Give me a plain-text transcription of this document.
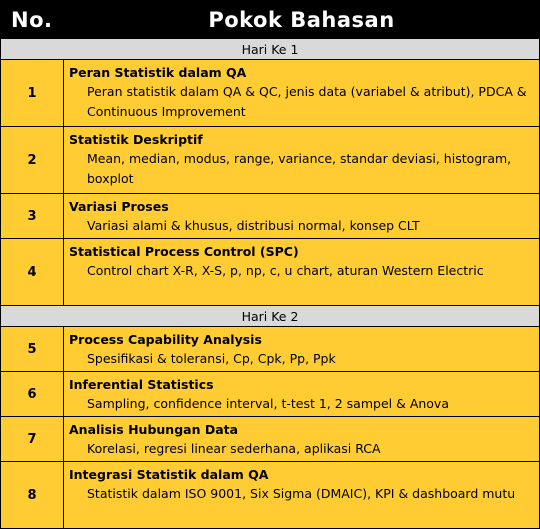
No.	Pokok Bahasan
Hari Ke 1	
1	Peran Statistik dalam QA
Peran statistik dalam QA & QC, jenis data (variabel & atribut), PDCA & Continuous Improvement

2	Statistik Deskriptif
Mean, median, modus, range, variance, standar deviasi, histogram, boxplot

3	Variasi Proses
Variasi alami & khusus, distribusi normal, konsep CLT

4	Statistical Process Control (SPC)
Control chart X-R, X-S, p, np, c, u chart, aturan Western Electric

Hari Ke 2	
5	Process Capability Analysis
Spesifikasi & toleransi, Cp, Cpk, Pp, Ppk

6	Inferential Statistics
Sampling, confidence interval, t-test 1, 2 sampel & Anova

7	Analisis Hubungan Data
Korelasi, regresi linear sederhana, aplikasi RCA

8	Integrasi Statistik dalam QA
Statistik dalam ISO 9001, Six Sigma (DMAIC), KPI & dashboard mutu
